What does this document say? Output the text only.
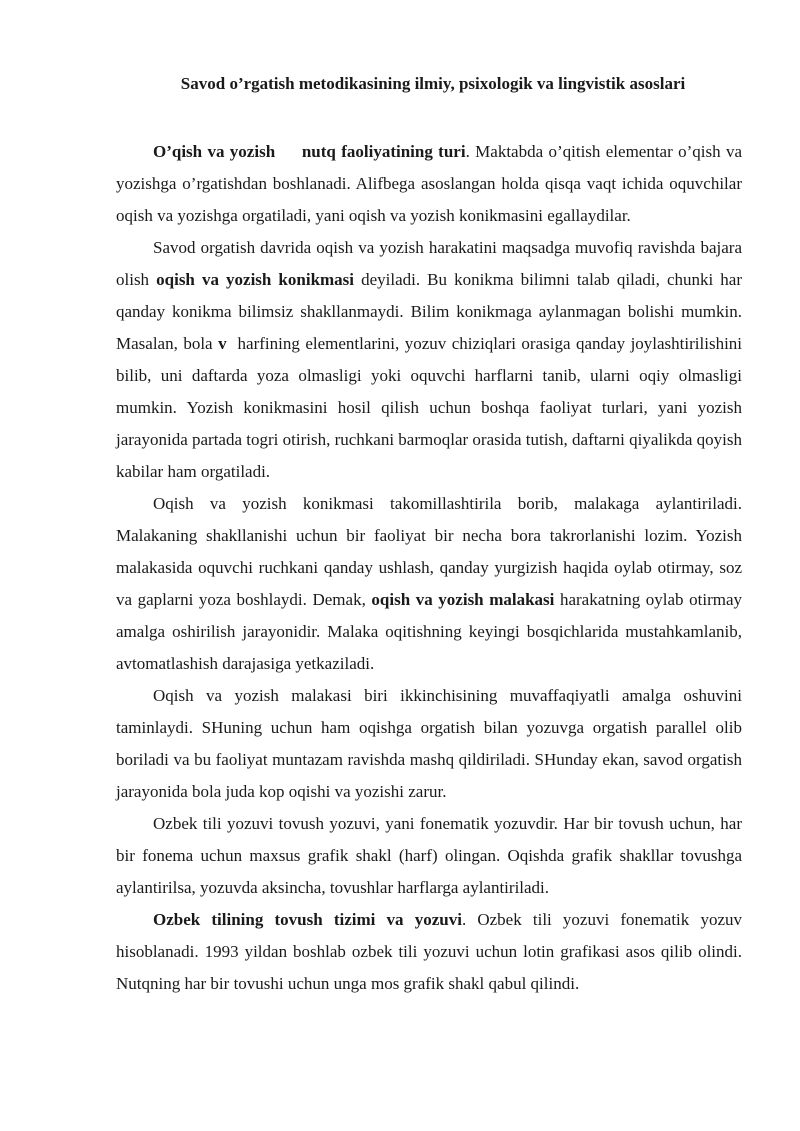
Savod o’rgatish metodikasining ilmiy, psixologik va lingvistik asoslari

O’qish va yozish     nutq faoliyatining turi. Maktabda o’qitish elementar o’qish va yozishga o’rgatishdan boshlanadi. Alifbega asoslangan holda qisqa vaqt ichida oquvchilar oqish va yozishga orgatiladi, yani oqish va yozish konikmasini egallaydilar.

Savod orgatish davrida oqish va yozish harakatini maqsadga muvofiq ravishda bajara olish oqish va yozish konikmasi deyiladi. Bu konikma bilimni talab qiladi, chunki har qanday konikma bilimsiz shakllanmaydi. Bilim konikmaga aylanmagan bolishi mumkin. Masalan, bola v  harfining elementlarini, yozuv chiziqlari orasiga qanday joylashtirilishini bilib, uni daftarda yoza olmasligi yoki oquvchi harflarni tanib, ularni oqiy olmasligi mumkin. Yozish konikmasini hosil qilish uchun boshqa faoliyat turlari, yani yozish jarayonida partada togri otirish, ruchkani barmoqlar orasida tutish, daftarni qiyalikda qoyish kabilar ham orgatiladi.

Oqish va yozish konikmasi takomillashtirila borib, malakaga aylantiriladi. Malakaning shakllanishi uchun bir faoliyat bir necha bora takrorlanishi lozim. Yozish malakasida oquvchi ruchkani qanday ushlash, qanday yurgizish haqida oylab otirmay, soz va gaplarni yoza boshlaydi. Demak, oqish va yozish malakasi harakatning oylab otirmay amalga oshirilish jarayonidir. Malaka oqitishning keyingi bosqichlarida mustahkamlanib, avtomatlashish darajasiga yetkaziladi.

Oqish va yozish malakasi biri ikkinchisining muvaffaqiyatli amalga oshuvini taminlaydi. SHuning uchun ham oqishga orgatish bilan yozuvga orgatish parallel olib boriladi va bu faoliyat muntazam ravishda mashq qildiriladi. SHunday ekan, savod orgatish jarayonida bola juda kop oqishi va yozishi zarur.

Ozbek tili yozuvi tovush yozuvi, yani fonematik yozuvdir. Har bir tovush uchun, har bir fonema uchun maxsus grafik shakl (harf) olingan. Oqishda grafik shakllar tovushga aylantirilsa, yozuvda aksincha, tovushlar harflarga aylantiriladi.

Ozbek tilining tovush tizimi va yozuvi. Ozbek tili yozuvi fonematik yozuv hisoblanadi. 1993 yildan boshlab ozbek tili yozuvi uchun lotin grafikasi asos qilib olindi. Nutqning har bir tovushi uchun unga mos grafik shakl qabul qilindi.
